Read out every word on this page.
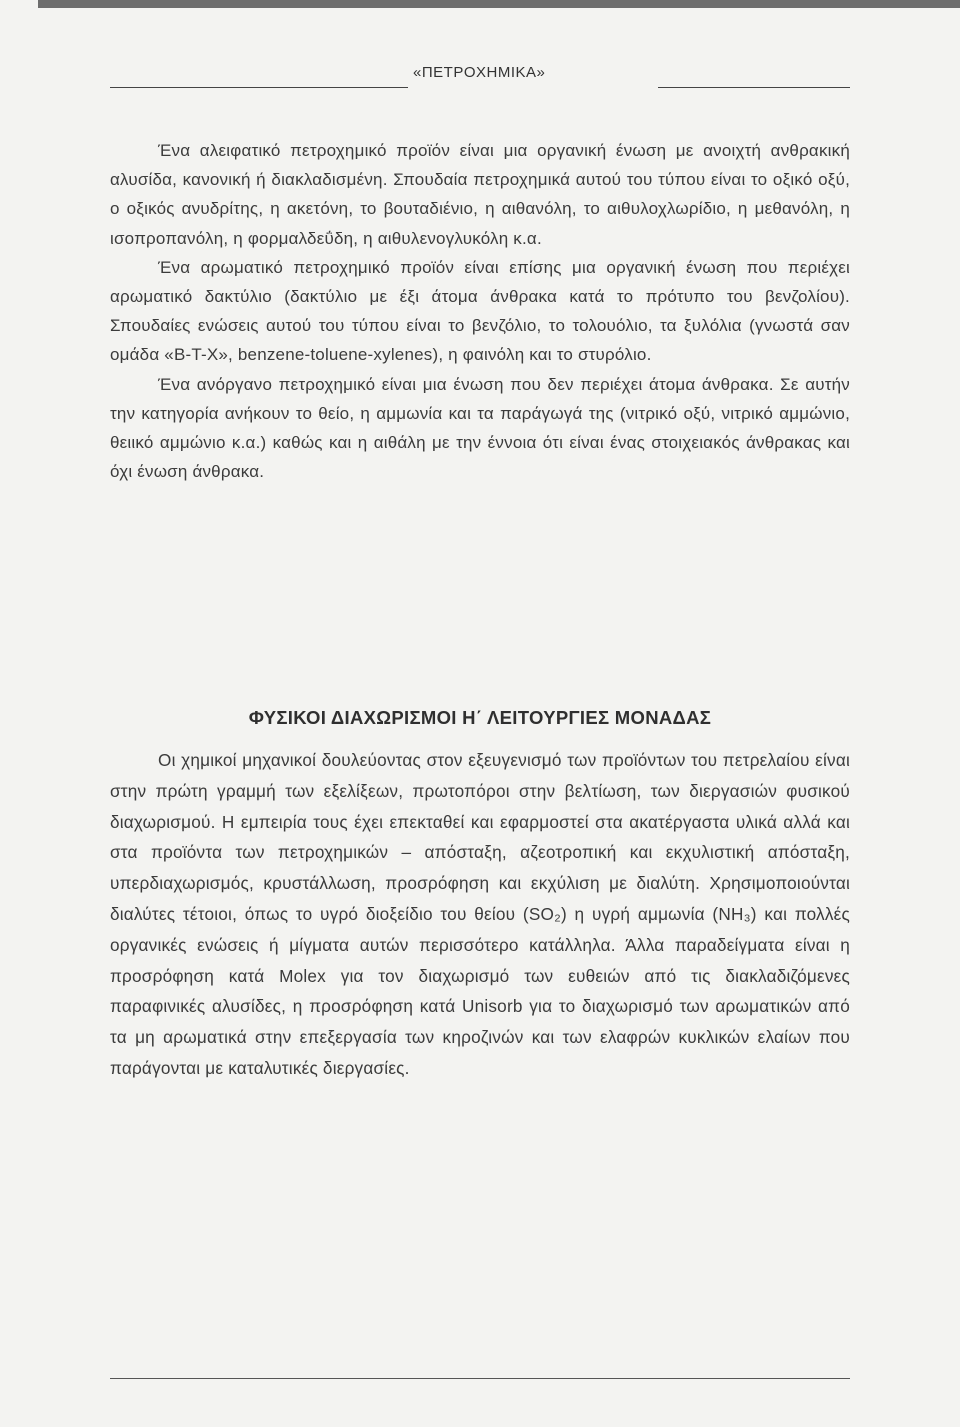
«ΠΕΤΡΟΧΗΜΙΚΑ»

Ένα αλειφατικό πετροχημικό προϊόν είναι μια οργανική ένωση με ανοιχτή ανθρακική αλυσίδα, κανονική ή διακλαδισμένη. Σπουδαία πετροχημικά αυτού του τύπου είναι το οξικό οξύ, ο οξικός ανυδρίτης, η ακετόνη, το βουταδιένιο, η αιθανόλη, το αιθυλοχλωρίδιο, η μεθανόλη, η ισοπροπανόλη, η φορμαλδεΰδη, η αιθυλενογλυκόλη κ.α.

Ένα αρωματικό πετροχημικό προϊόν είναι επίσης μια οργανική ένωση που περιέχει αρωματικό δακτύλιο (δακτύλιο με έξι άτομα άνθρακα κατά το πρότυπο του βενζολίου). Σπουδαίες ενώσεις αυτού του τύπου είναι το βενζόλιο, το τολουόλιο, τα ξυλόλια (γνωστά σαν ομάδα «B-T-X», benzene-toluene-xylenes), η φαινόλη και το στυρόλιο.

Ένα ανόργανο πετροχημικό είναι μια ένωση που δεν περιέχει άτομα άνθρακα. Σε αυτήν την κατηγορία ανήκουν το θείο, η αμμωνία και τα παράγωγά της (νιτρικό οξύ, νιτρικό αμμώνιο, θειικό αμμώνιο κ.α.) καθώς και η αιθάλη με την έννοια ότι είναι ένας στοιχειακός άνθρακας και όχι ένωση άνθρακα.

ΦΥΣΙΚΟΙ ΔΙΑΧΩΡΙΣΜΟΙ Η΄ ΛΕΙΤΟΥΡΓΙΕΣ ΜΟΝΑΔΑΣ

Οι χημικοί μηχανικοί δουλεύοντας στον εξευγενισμό των προϊόντων του πετρελαίου είναι στην πρώτη γραμμή των εξελίξεων, πρωτοπόροι στην βελτίωση, των διεργασιών φυσικού διαχωρισμού. Η εμπειρία τους έχει επεκταθεί και εφαρμοστεί στα ακατέργαστα υλικά αλλά και στα προϊόντα των πετροχημικών – απόσταξη, αζεοτροπική και εκχυλιστική απόσταξη, υπερδιαχωρισμός, κρυστάλλωση, προσρόφηση και εκχύλιση με διαλύτη. Χρησιμοποιούνται διαλύτες τέτοιοι, όπως το υγρό διοξείδιο του θείου (SO₂) η υγρή αμμωνία (NH₃) και πολλές οργανικές ενώσεις ή μίγματα αυτών περισσότερο κατάλληλα. Άλλα παραδείγματα είναι η προσρόφηση κατά Molex για τον διαχωρισμό των ευθειών από τις διακλαδιζόμενες παραφινικές αλυσίδες, η προσρόφηση κατά Unisorb για το διαχωρισμό των αρωματικών από τα μη αρωματικά στην επεξεργασία των κηροζινών και των ελαφρών κυκλικών ελαίων που παράγονται με καταλυτικές διεργασίες.
